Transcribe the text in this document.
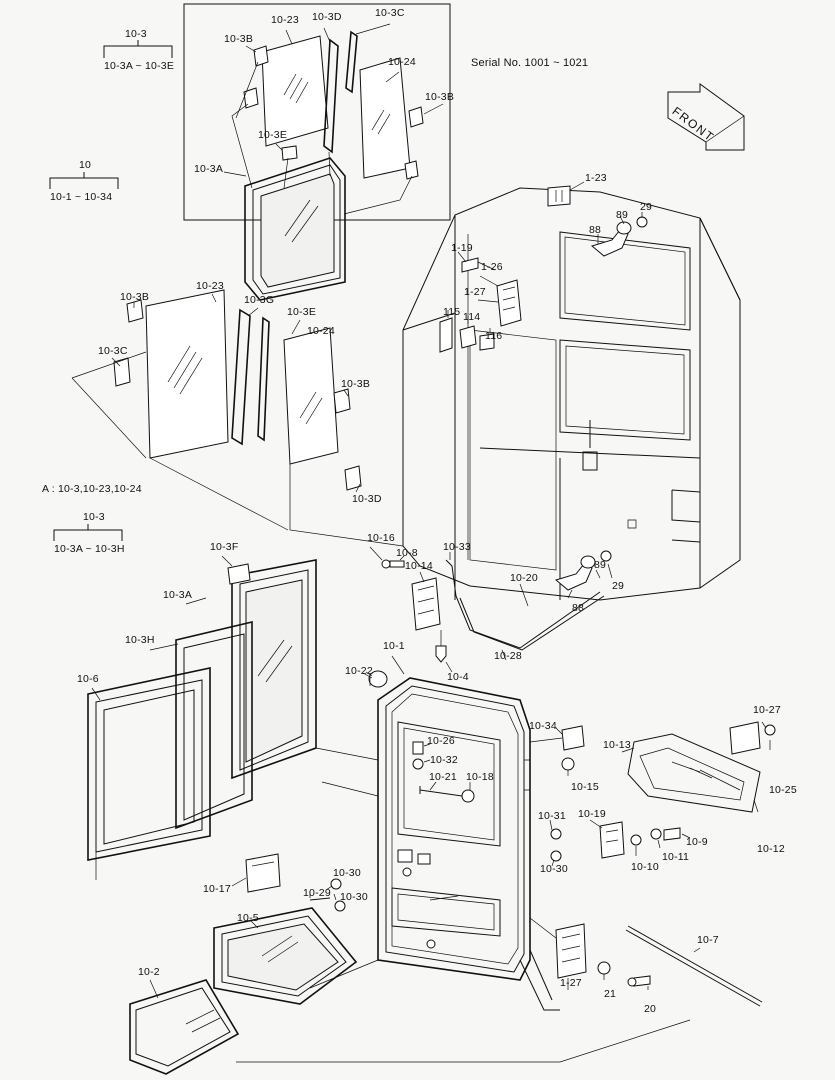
10-3
10-3A ~ 10-3E
10-3B
10-23 10-3D	10-3C
10-24
10-3B
10-3E
10-3A
Serial No. 1001 ~ 1021
10
10-1 ~ 10-34
1-23
89
29
88
1-19
1-26
1-27
115 114
116
10-23
10-3B	10-3G
10-3E
10-24
10-3C
10-3B
10-3D
A : 10-3,10-23,10-24
10-3
10-3A ~ 10-3H	10-3F
10-16
10-8 10-33
10-14
10-20
89
29
88
10-3A
10-3H
10-28
10-4
10-1
10-22
10-6
10-27
10-34
10-13
10-26
10-32
10-21 10-18
10-15	10-25
10-31 10-19
10-9
10-11
10-10
10-12
10-30
10-30
10-17	10-29 10-30
10-5
10-7
1-27
21
20
10-2
FRONT
